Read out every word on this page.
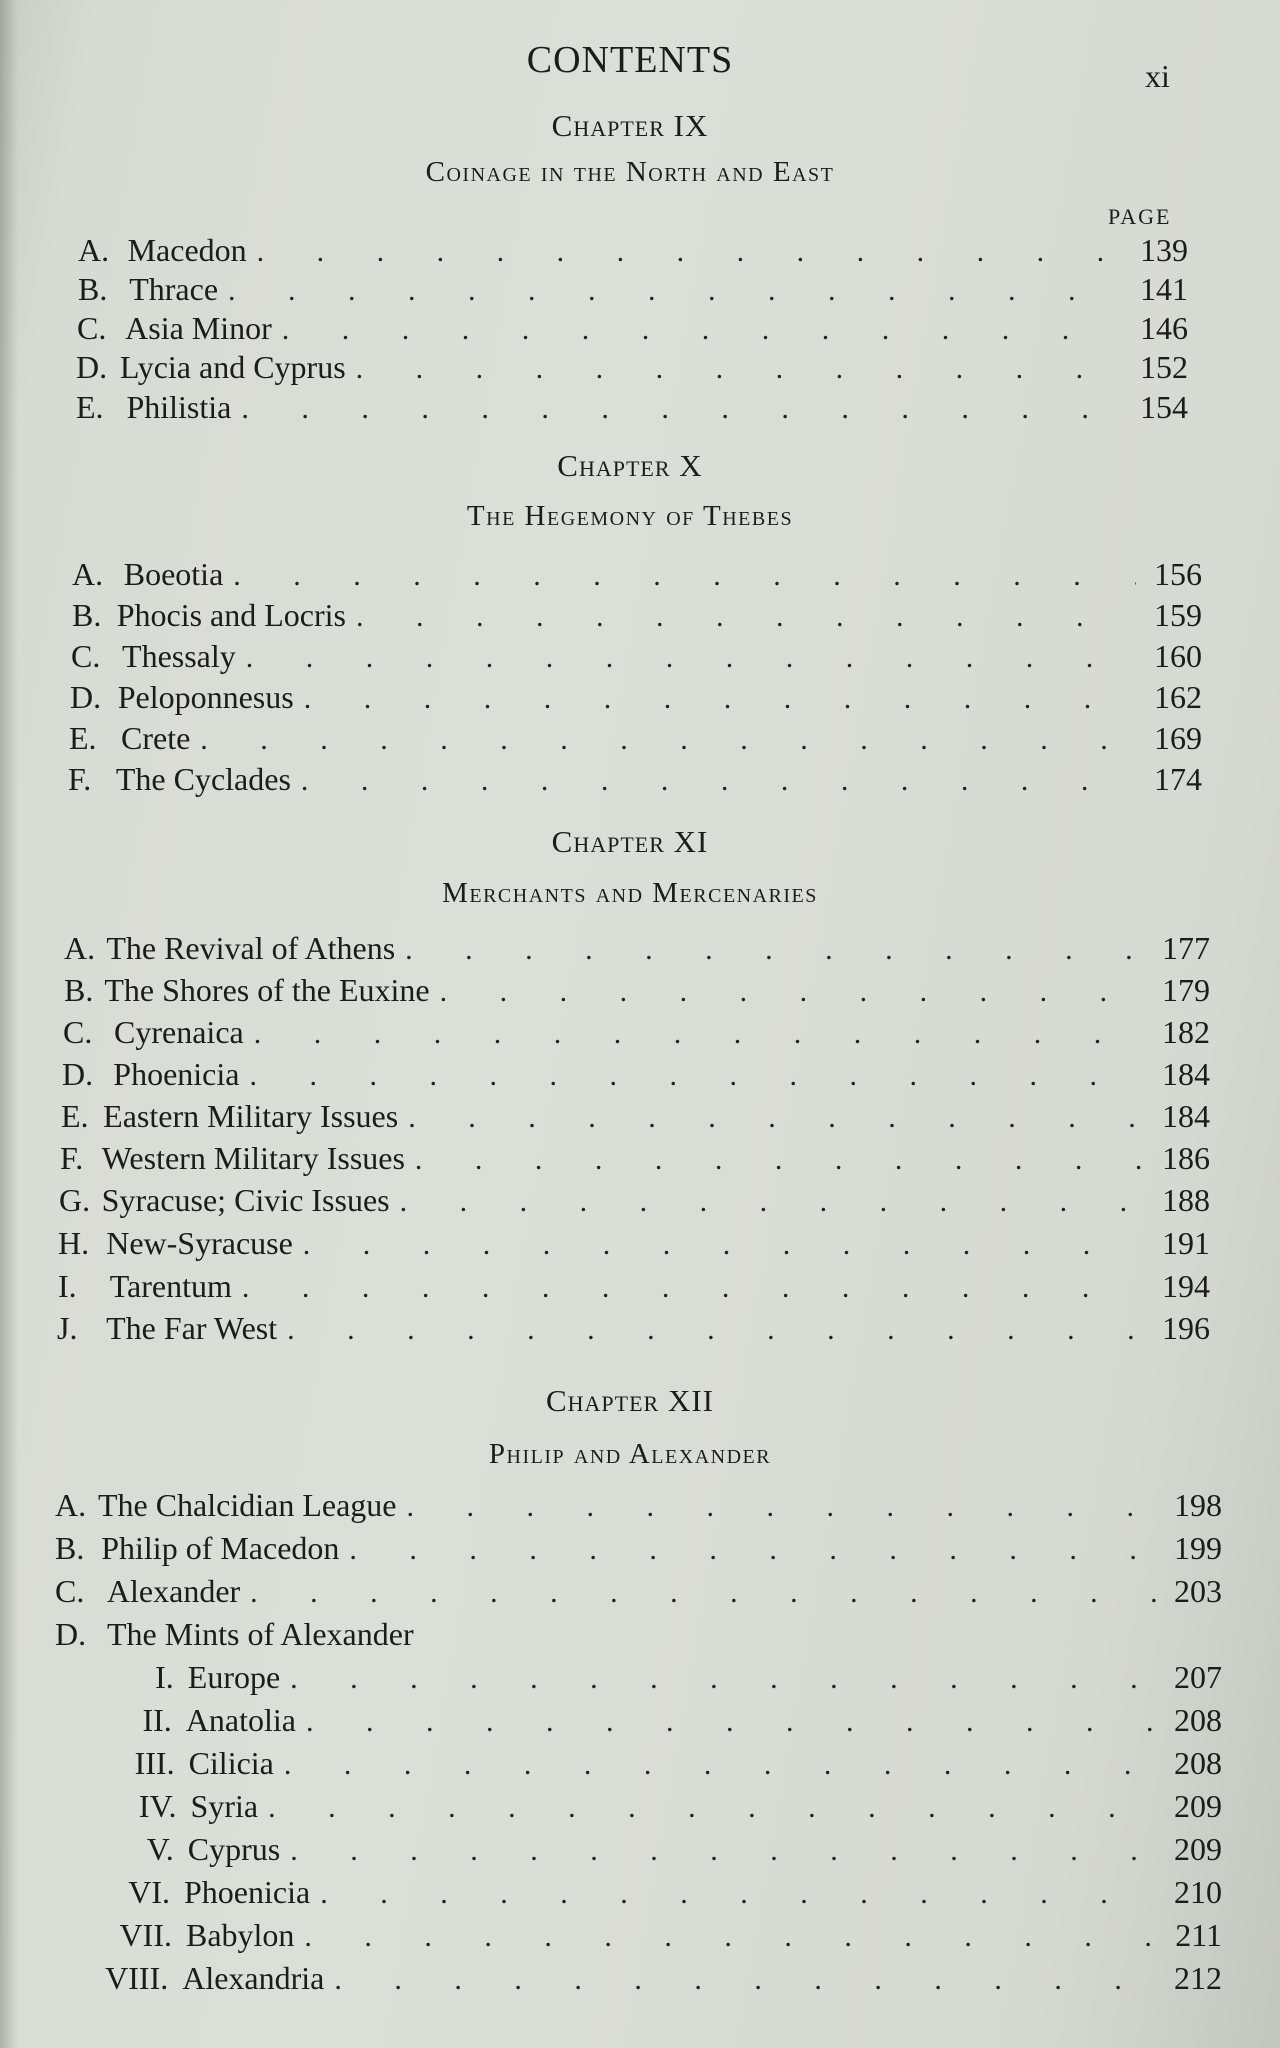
CONTENTS	xi
Chapter IX
Coinage in the North and East
PAGE
A. Macedon .	139
B. Thrace .	141
C. Asia Minor .	146
D. Lycia and Cyprus .	152
E. Philistia .	154
Chapter X
The Hegemony of Thebes
A. Boeotia .	156
B. Phocis and Locris .	159
C. Thessaly .	160
D. Peloponnesus .	162
E. Crete .	169
F. The Cyclades .	174
Chapter XI
Merchants and Mercenaries
A. The Revival of Athens .	177
B. The Shores of the Euxine .	179
C. Cyrenaica .	182
D. Phoenicia .	184
E. Eastern Military Issues .	184
F. Western Military Issues .	186
G. Syracuse; Civic Issues .	188
H. New-Syracuse .	191
I.	Tarentum .	194
J. The Far West .	196
Chapter XII
Philip and Alexander
A. The Chalcidian League .	198
B. Philip of Macedon .	199
C. Alexander .	203
D. The Mints of Alexander
I. Europe .	207
II. Anatolia .	208
III. Cilicia .	208
IV. Syria .	209
V. Cyprus .	209
VI. Phoenicia .	210
VII. Babylon .	211
VIII. Alexandria .	212
